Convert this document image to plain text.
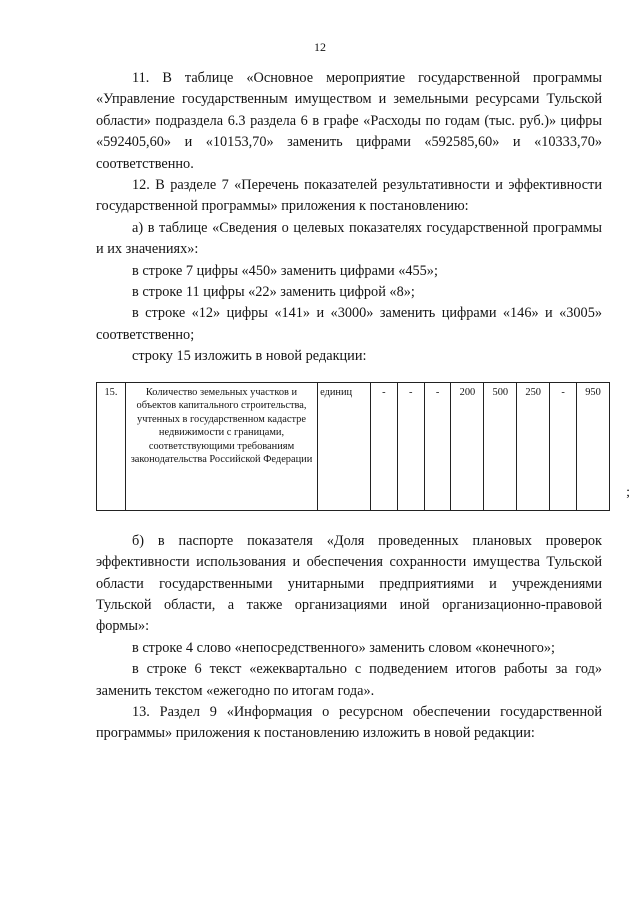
12

11. В таблице «Основное мероприятие государственной программы «Управление государственным имуществом и земельными ресурсами Тульской области» подраздела 6.3 раздела 6 в графе «Расходы по годам (тыс. руб.)» цифры «592405,60» и «10153,70» заменить цифрами «592585,60» и «10333,70» соответственно.

12. В разделе 7 «Перечень показателей результативности и эффективности государственной программы» приложения к постановлению:

а) в таблице «Сведения о целевых показателях государственной программы и их значениях»:

в строке 7 цифры «450» заменить цифрами «455»;

в строке 11 цифры «22» заменить цифрой «8»;

в строке «12» цифры «141» и «3000» заменить цифрами «146» и «3005» соответственно;

строку 15 изложить в новой редакции:

15.	Количество земельных участков и объектов капитального строительства, учтенных в государственном кадастре недвижимости с границами, соответствующими требованиям законодательства Российской Федерации	единиц	-	-	-	200	500	250	-	950
;

б) в паспорте показателя «Доля проведенных плановых проверок эффективности использования и обеспечения сохранности имущества Тульской области государственными унитарными предприятиями и учреждениями Тульской области, а также организациями иной организационно-правовой формы»:

в строке 4 слово «непосредственного» заменить словом «конечного»;

в строке 6 текст «ежеквартально с подведением итогов работы за год» заменить текстом «ежегодно по итогам года».

13. Раздел 9 «Информация о ресурсном обеспечении государственной программы» приложения к постановлению изложить в новой редакции:
